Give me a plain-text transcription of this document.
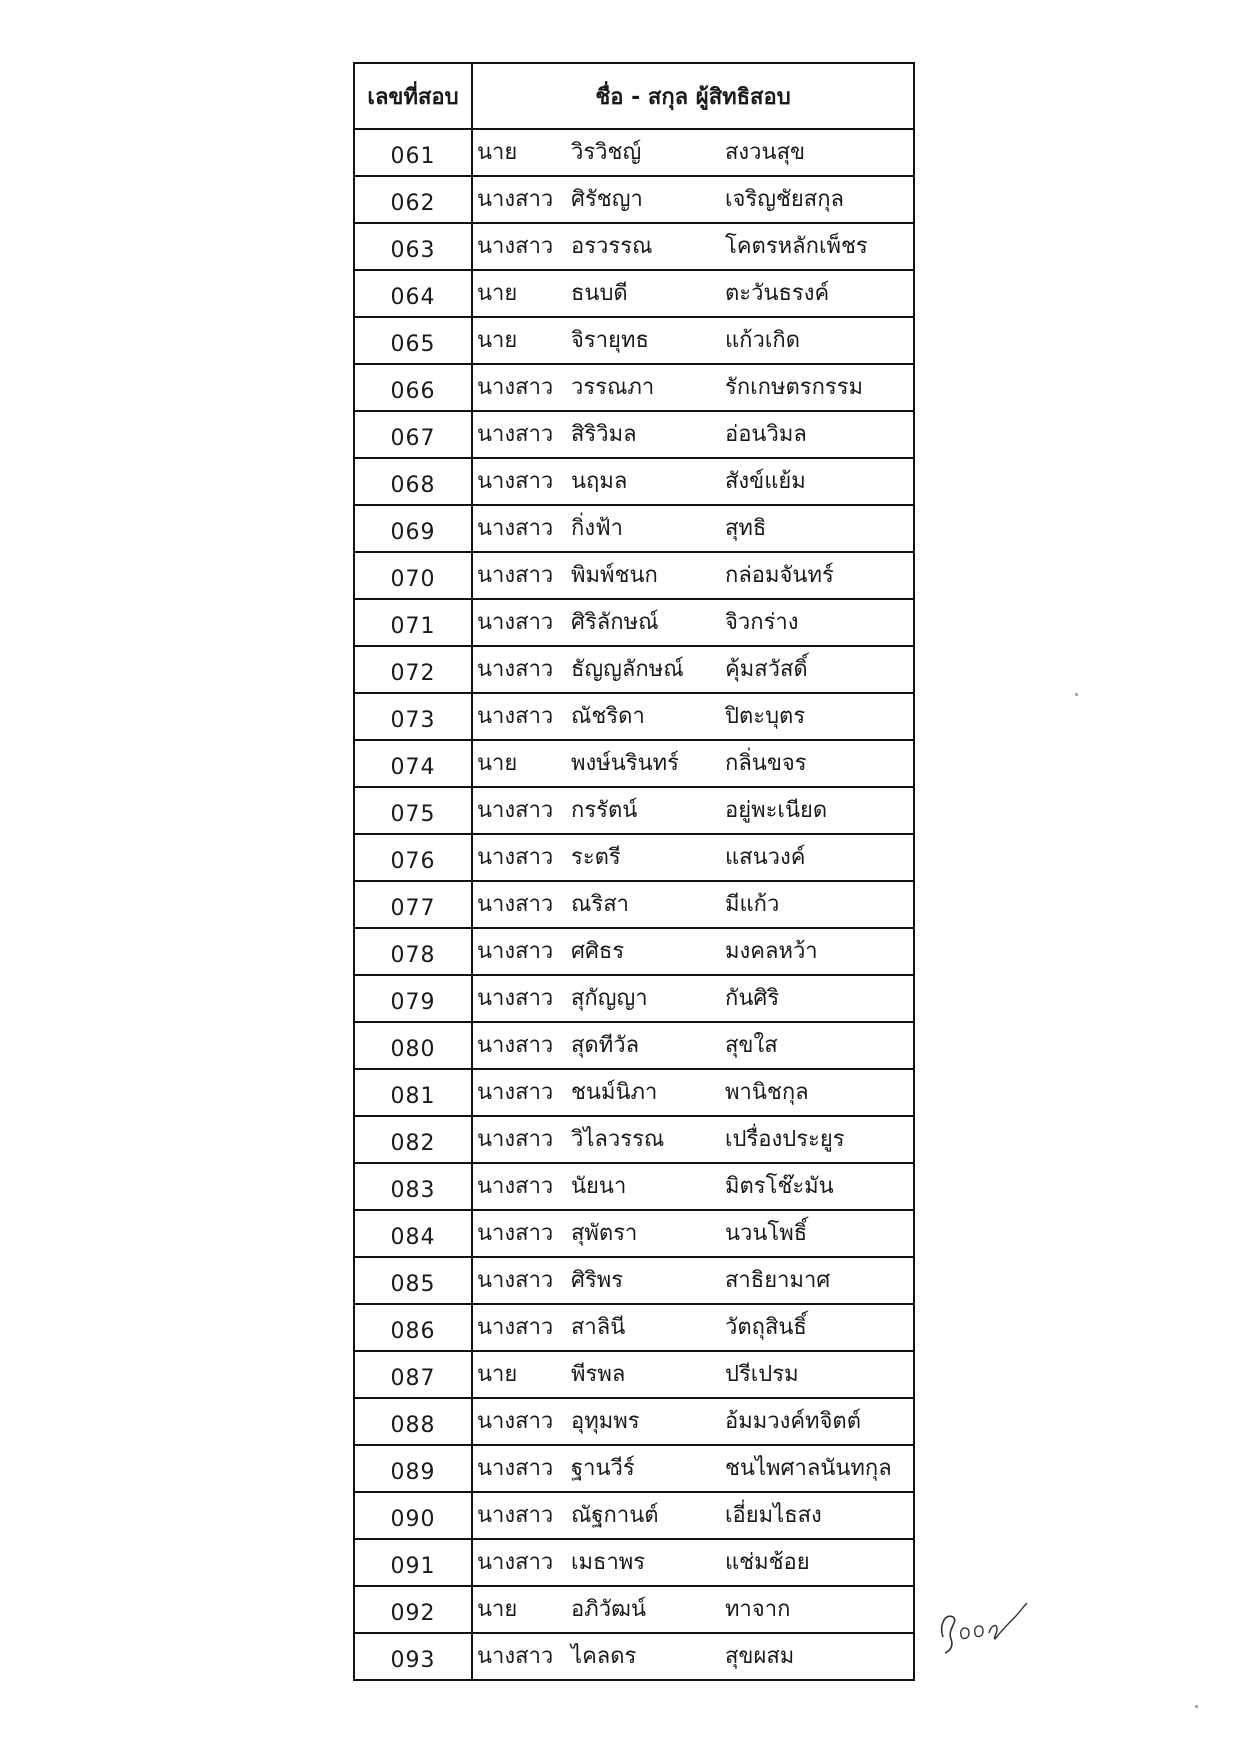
เลขที่สอบ	ชื่อ - สกุล ผู้สิทธิสอบ
061	นาย วิรวิชญ์ สงวนสุข

062	นางสาว ศิรัชญา เจริญชัยสกุล

063	นางสาว อรวรรณ โคตรหลักเพ็ชร

064	นาย ธนบดี ตะวันธรงค์

065	นาย จิรายุทธ แก้วเกิด

066	นางสาว วรรณภา รักเกษตรกรรม

067	นางสาว สิริวิมล อ่อนวิมล

068	นางสาว นฤมล สังข์แย้ม

069	นางสาว กิ่งฟ้า สุทธิ

070	นางสาว พิมพ์ชนก กล่อมจันทร์

071	นางสาว ศิริลักษณ์ จิวกร่าง

072	นางสาว ธัญญลักษณ์ คุ้มสวัสดิ์

073	นางสาว ณัชริดา ปิตะบุตร

074	นาย พงษ์นรินทร์ กลิ่นขจร

075	นางสาว กรรัตน์ อยู่พะเนียด

076	นางสาว ระตรี แสนวงค์

077	นางสาว ณริสา มีแก้ว

078	นางสาว ศศิธร มงคลหว้า

079	นางสาว สุกัญญา กันศิริ

080	นางสาว สุดทีวัล สุขใส

081	นางสาว ชนม์นิภา พานิชกุล

082	นางสาว วิไลวรรณ เปรื่องประยูร

083	นางสาว นัยนา มิตรโช๊ะมัน

084	นางสาว สุพัตรา นวนโพธิ์

085	นางสาว ศิริพร สาธิยามาศ

086	นางสาว สาลินี วัตถุสินธิ์

087	นาย พีรพล ปรีเปรม

088	นางสาว อุทุมพร อ้มมวงค์ทจิตต์

089	นางสาว ฐานวีร์ ชนไพศาลนันทกุล

090	นางสาว ณัฐกานต์ เอี่ยมไธสง

091	นางสาว เมธาพร แช่มช้อย

092	นาย อภิวัฒน์ ทาจาก

093	นางสาว ไคลดร สุขผสม
